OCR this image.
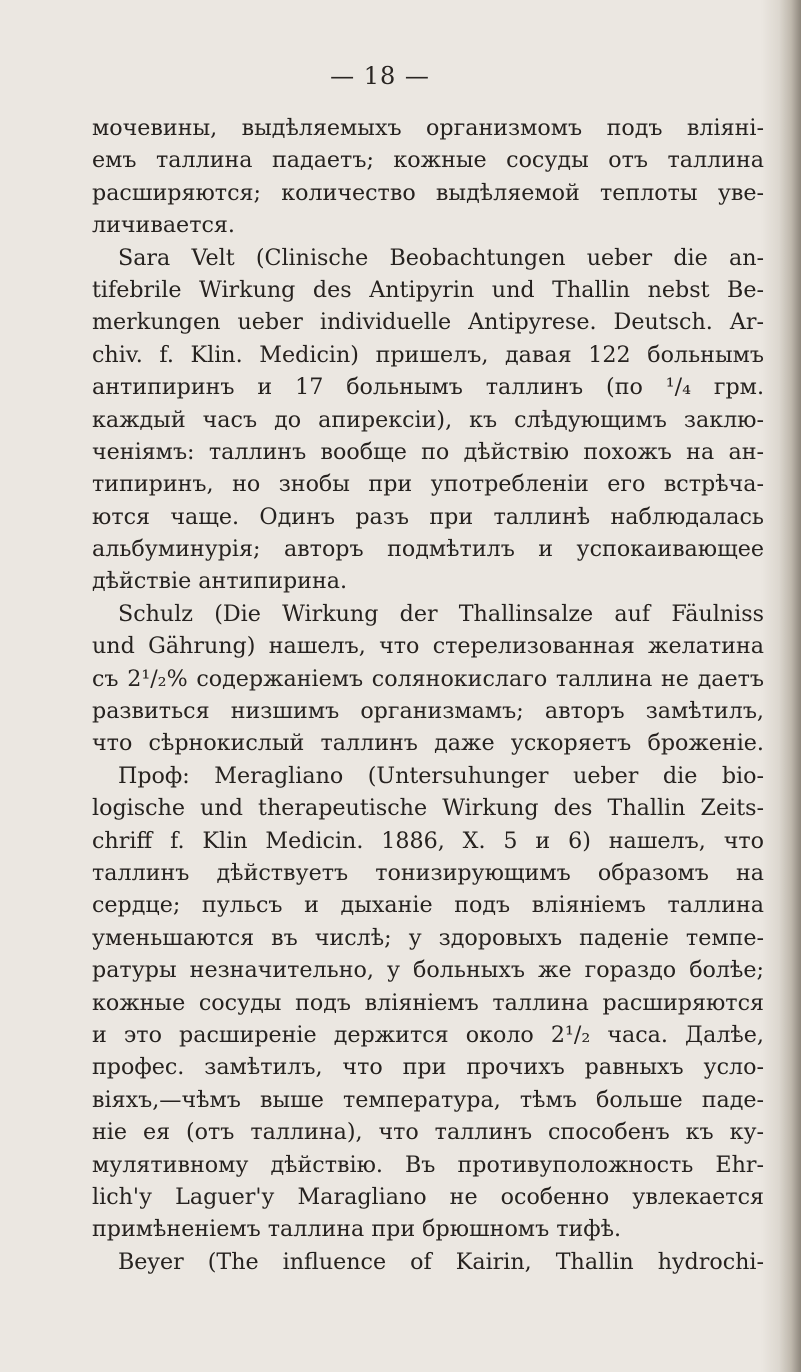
— 18 —
мочевины, выдѣляемыхъ организмомъ подъ вліяні-
емъ таллина падаетъ; кожные сосуды отъ таллина
расширяются; количество выдѣляемой теплоты уве-
личивается.
Sara Velt (Clinische Beobachtungen ueber die an-
tifebrile Wirkung des Antipyrin und Thallin nebst Be-
merkungen ueber individuelle Antipyrese. Deutsch. Ar-
chiv. f. Klin. Medicin) пришелъ, давая 122 больнымъ
антипиринъ и 17 больнымъ таллинъ (по ¹/₄ грм.
каждый часъ до апирексіи), къ слѣдующимъ заклю-
ченіямъ: таллинъ вообще по дѣйствію похожъ на ан-
типиринъ, но знобы при употребленіи его встрѣча-
ются чаще. Одинъ разъ при таллинѣ наблюдалась
альбуминурія; авторъ подмѣтилъ и успокаивающее
дѣйствіе антипирина.
Schulz (Die Wirkung der Thallinsalze auf Fäulniss
und Gährung) нашелъ, что стерелизованная желатина
съ 2¹/₂% содержаніемъ солянокислаго таллина не даетъ
развиться низшимъ организмамъ; авторъ замѣтилъ,
что сѣрнокислый таллинъ даже ускоряетъ броженіе.
Проф: Meragliano (Untersuhunger ueber die bio-
logische und therapeutische Wirkung des Thallin Zeits-
chriff f. Klin Medicin. 1886, X. 5 и 6) нашелъ, что
таллинъ дѣйствуетъ тонизирующимъ образомъ на
сердце; пульсъ и дыханіе подъ вліяніемъ таллина
уменьшаются въ числѣ; у здоровыхъ паденіе темпе-
ратуры незначительно, у больныхъ же гораздо болѣе;
кожные сосуды подъ вліяніемъ таллина расширяются
и это расширеніе держится около 2¹/₂ часа. Далѣе,
профес. замѣтилъ, что при прочихъ равныхъ усло-
віяхъ,—чѣмъ выше температура, тѣмъ больше паде-
ніе ея (отъ таллина), что таллинъ способенъ къ ку-
мулятивному дѣйствію. Въ противуположность Ehr-
lich'у Laguer'у Maragliano не особенно увлекается
примѣненіемъ таллина при брюшномъ тифѣ.
Beyer (The influence of Kairin, Thallin hydrochi-
